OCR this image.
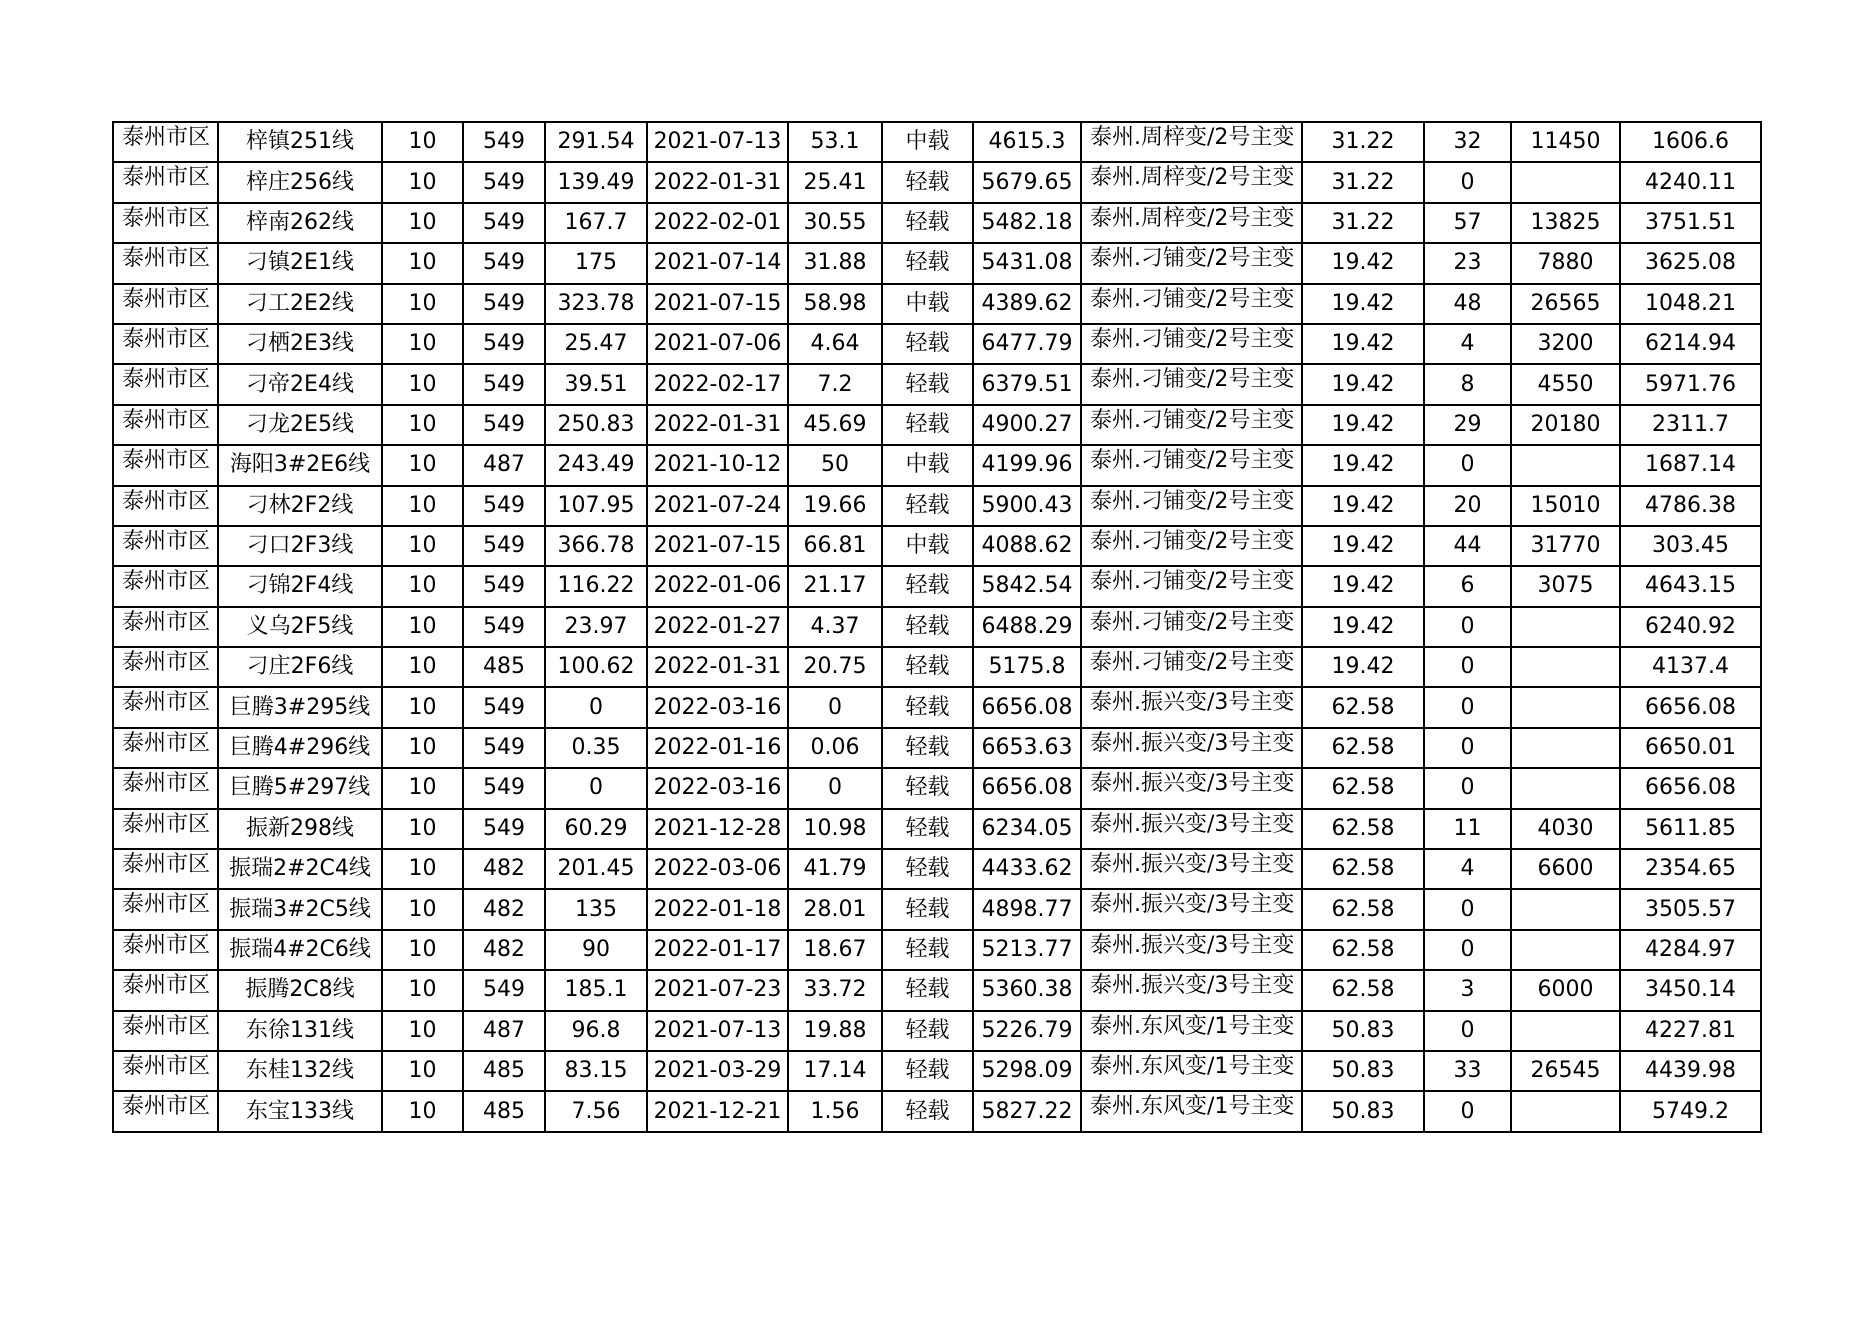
泰州市区	梓镇251线	10	549	291.54	2021-07-13	53.1	中载	4615.3	泰州.周梓变/2号主变	31.22	32	11450	1606.6

泰州市区	梓庄256线	10	549	139.49	2022-01-31	25.41	轻载	5679.65	泰州.周梓变/2号主变	31.22	0		4240.11

泰州市区	梓南262线	10	549	167.7	2022-02-01	30.55	轻载	5482.18	泰州.周梓变/2号主变	31.22	57	13825	3751.51

泰州市区	刁镇2E1线	10	549	175	2021-07-14	31.88	轻载	5431.08	泰州.刁铺变/2号主变	19.42	23	7880	3625.08

泰州市区	刁工2E2线	10	549	323.78	2021-07-15	58.98	中载	4389.62	泰州.刁铺变/2号主变	19.42	48	26565	1048.21

泰州市区	刁栖2E3线	10	549	25.47	2021-07-06	4.64	轻载	6477.79	泰州.刁铺变/2号主变	19.42	4	3200	6214.94

泰州市区	刁帝2E4线	10	549	39.51	2022-02-17	7.2	轻载	6379.51	泰州.刁铺变/2号主变	19.42	8	4550	5971.76

泰州市区	刁龙2E5线	10	549	250.83	2022-01-31	45.69	轻载	4900.27	泰州.刁铺变/2号主变	19.42	29	20180	2311.7

泰州市区	海阳3#2E6线	10	487	243.49	2021-10-12	50	中载	4199.96	泰州.刁铺变/2号主变	19.42	0		1687.14

泰州市区	刁林2F2线	10	549	107.95	2021-07-24	19.66	轻载	5900.43	泰州.刁铺变/2号主变	19.42	20	15010	4786.38

泰州市区	刁口2F3线	10	549	366.78	2021-07-15	66.81	中载	4088.62	泰州.刁铺变/2号主变	19.42	44	31770	303.45

泰州市区	刁锦2F4线	10	549	116.22	2022-01-06	21.17	轻载	5842.54	泰州.刁铺变/2号主变	19.42	6	3075	4643.15

泰州市区	义乌2F5线	10	549	23.97	2022-01-27	4.37	轻载	6488.29	泰州.刁铺变/2号主变	19.42	0		6240.92

泰州市区	刁庄2F6线	10	485	100.62	2022-01-31	20.75	轻载	5175.8	泰州.刁铺变/2号主变	19.42	0		4137.4

泰州市区	巨腾3#295线	10	549	0	2022-03-16	0	轻载	6656.08	泰州.振兴变/3号主变	62.58	0		6656.08

泰州市区	巨腾4#296线	10	549	0.35	2022-01-16	0.06	轻载	6653.63	泰州.振兴变/3号主变	62.58	0		6650.01

泰州市区	巨腾5#297线	10	549	0	2022-03-16	0	轻载	6656.08	泰州.振兴变/3号主变	62.58	0		6656.08

泰州市区	振新298线	10	549	60.29	2021-12-28	10.98	轻载	6234.05	泰州.振兴变/3号主变	62.58	11	4030	5611.85

泰州市区	振瑞2#2C4线	10	482	201.45	2022-03-06	41.79	轻载	4433.62	泰州.振兴变/3号主变	62.58	4	6600	2354.65

泰州市区	振瑞3#2C5线	10	482	135	2022-01-18	28.01	轻载	4898.77	泰州.振兴变/3号主变	62.58	0		3505.57

泰州市区	振瑞4#2C6线	10	482	90	2022-01-17	18.67	轻载	5213.77	泰州.振兴变/3号主变	62.58	0		4284.97

泰州市区	振腾2C8线	10	549	185.1	2021-07-23	33.72	轻载	5360.38	泰州.振兴变/3号主变	62.58	3	6000	3450.14

泰州市区	东徐131线	10	487	96.8	2021-07-13	19.88	轻载	5226.79	泰州.东风变/1号主变	50.83	0		4227.81

泰州市区	东桂132线	10	485	83.15	2021-03-29	17.14	轻载	5298.09	泰州.东风变/1号主变	50.83	33	26545	4439.98

泰州市区	东宝133线	10	485	7.56	2021-12-21	1.56	轻载	5827.22	泰州.东风变/1号主变	50.83	0		5749.2
